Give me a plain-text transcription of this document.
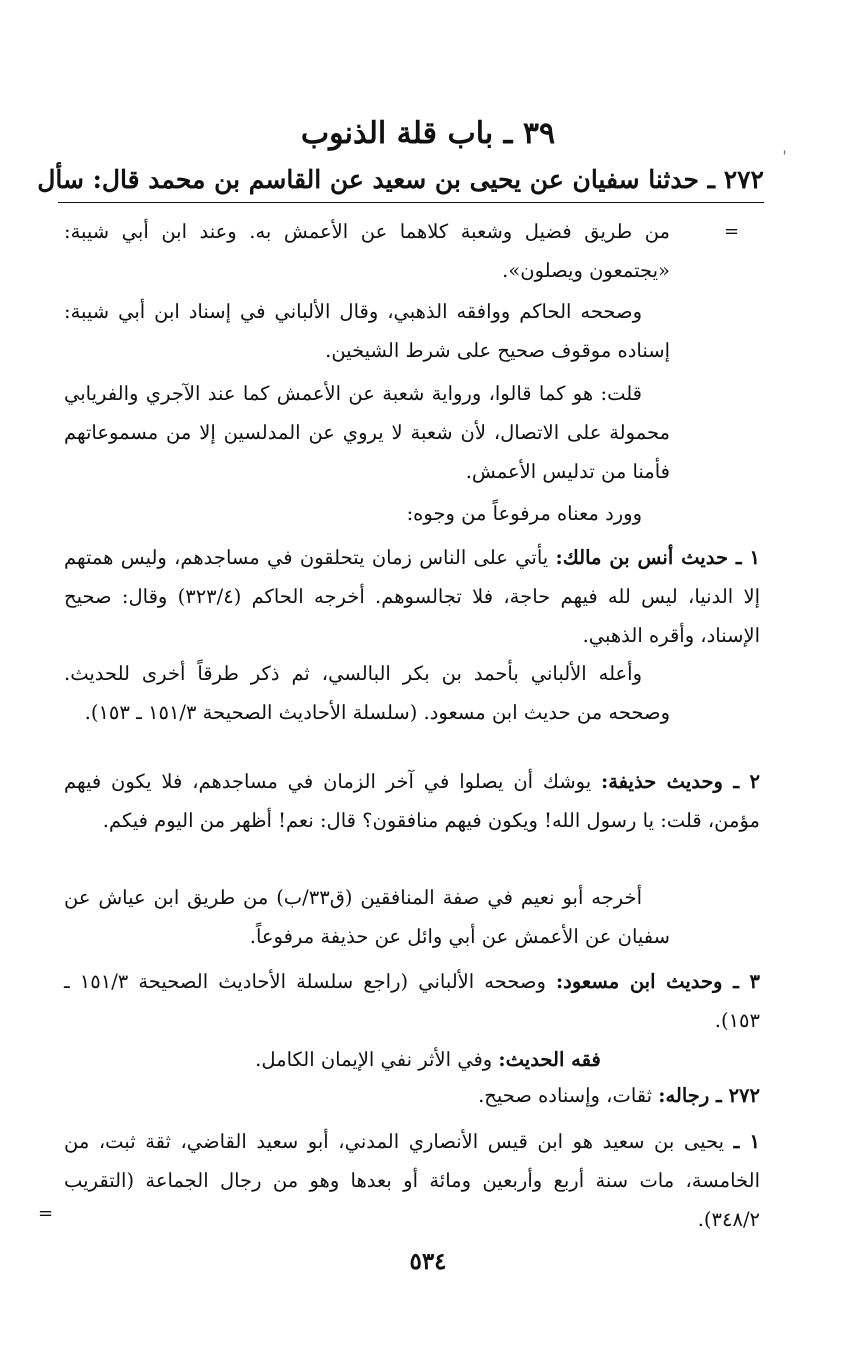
٣٩ ـ باب قلة الذنوب
ˈ
٢٧٢ ـ حدثنا سفيان عن يحيى بن سعيد عن القاسم بن محمد قال: سأل
=
من طريق فضيل وشعبة كلاهما عن الأعمش به. وعند ابن أبي شيبة: «يجتمعون ويصلون».
وصححه الحاكم ووافقه الذهبي، وقال الألباني في إسناد ابن أبي شيبة: إسناده موقوف صحيح على شرط الشيخين.
قلت: هو كما قالوا، ورواية شعبة عن الأعمش كما عند الآجري والفريابي محمولة على الاتصال، لأن شعبة لا يروي عن المدلسين إلا من مسموعاتهم فأمنا من تدليس الأعمش.
وورد معناه مرفوعاً من وجوه:
١ ـ حديث أنس بن مالك: يأتي على الناس زمان يتحلقون في مساجدهم، وليس همتهم إلا الدنيا، ليس لله فيهم حاجة، فلا تجالسوهم. أخرجه الحاكم (٣٢٣/٤) وقال: صحيح الإسناد، وأقره الذهبي.
وأعله الألباني بأحمد بن بكر البالسي، ثم ذكر طرقاً أخرى للحديث. وصححه من حديث ابن مسعود. (سلسلة الأحاديث الصحيحة ١٥١/٣ ـ ١٥٣).
٢ ـ وحديث حذيفة: يوشك أن يصلوا في آخر الزمان في مساجدهم، فلا يكون فيهم مؤمن، قلت: يا رسول الله! ويكون فيهم منافقون؟ قال: نعم! أظهر من اليوم فيكم.
أخرجه أبو نعيم في صفة المنافقين (ق٣٣/ب) من طريق ابن عياش عن سفيان عن الأعمش عن أبي وائل عن حذيفة مرفوعاً.
٣ ـ وحديث ابن مسعود: وصححه الألباني (راجع سلسلة الأحاديث الصحيحة ١٥١/٣ ـ ١٥٣).
فقه الحديث: وفي الأثر نفي الإيمان الكامل.
٢٧٢ ـ رجاله: ثقات، وإسناده صحيح.
١ ـ يحيى بن سعيد هو ابن قيس الأنصاري المدني، أبو سعيد القاضي، ثقة ثبت، من الخامسة، مات سنة أربع وأربعين ومائة أو بعدها وهو من رجال الجماعة (التقريب ٣٤٨/٢).
=
٥٣٤
